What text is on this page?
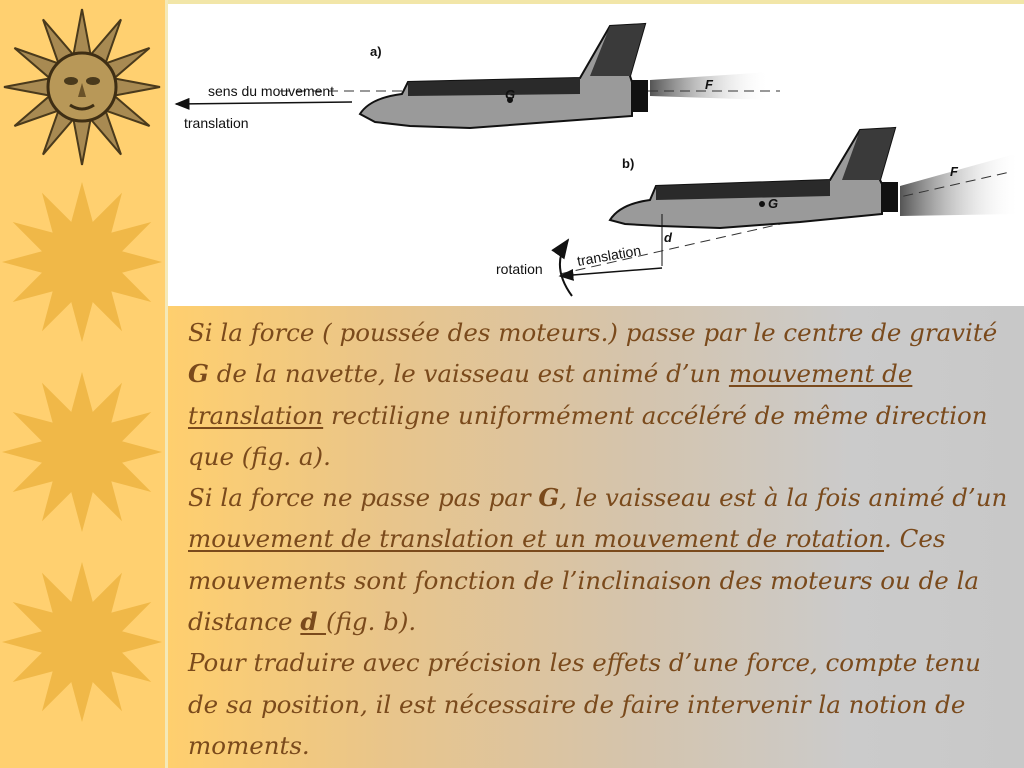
a)
sens du mouvement
translation
G
F
b)
G
F
translation
d
rotation

Si la force ( poussée des moteurs.) passe par le centre de gravité G de la navette, le vaisseau est animé d’un mouvement de translation rectiligne uniformément accéléré de même direction que (fig. a).

Si la force ne passe pas par G, le vaisseau est à la fois animé d’un mouvement de translation et un mouvement de rotation. Ces mouvements sont fonction de l’inclinaison des moteurs ou de la distance d (fig. b).

Pour traduire avec précision les effets d’une force, compte tenu de sa position, il est nécessaire de faire intervenir la notion de moments.
